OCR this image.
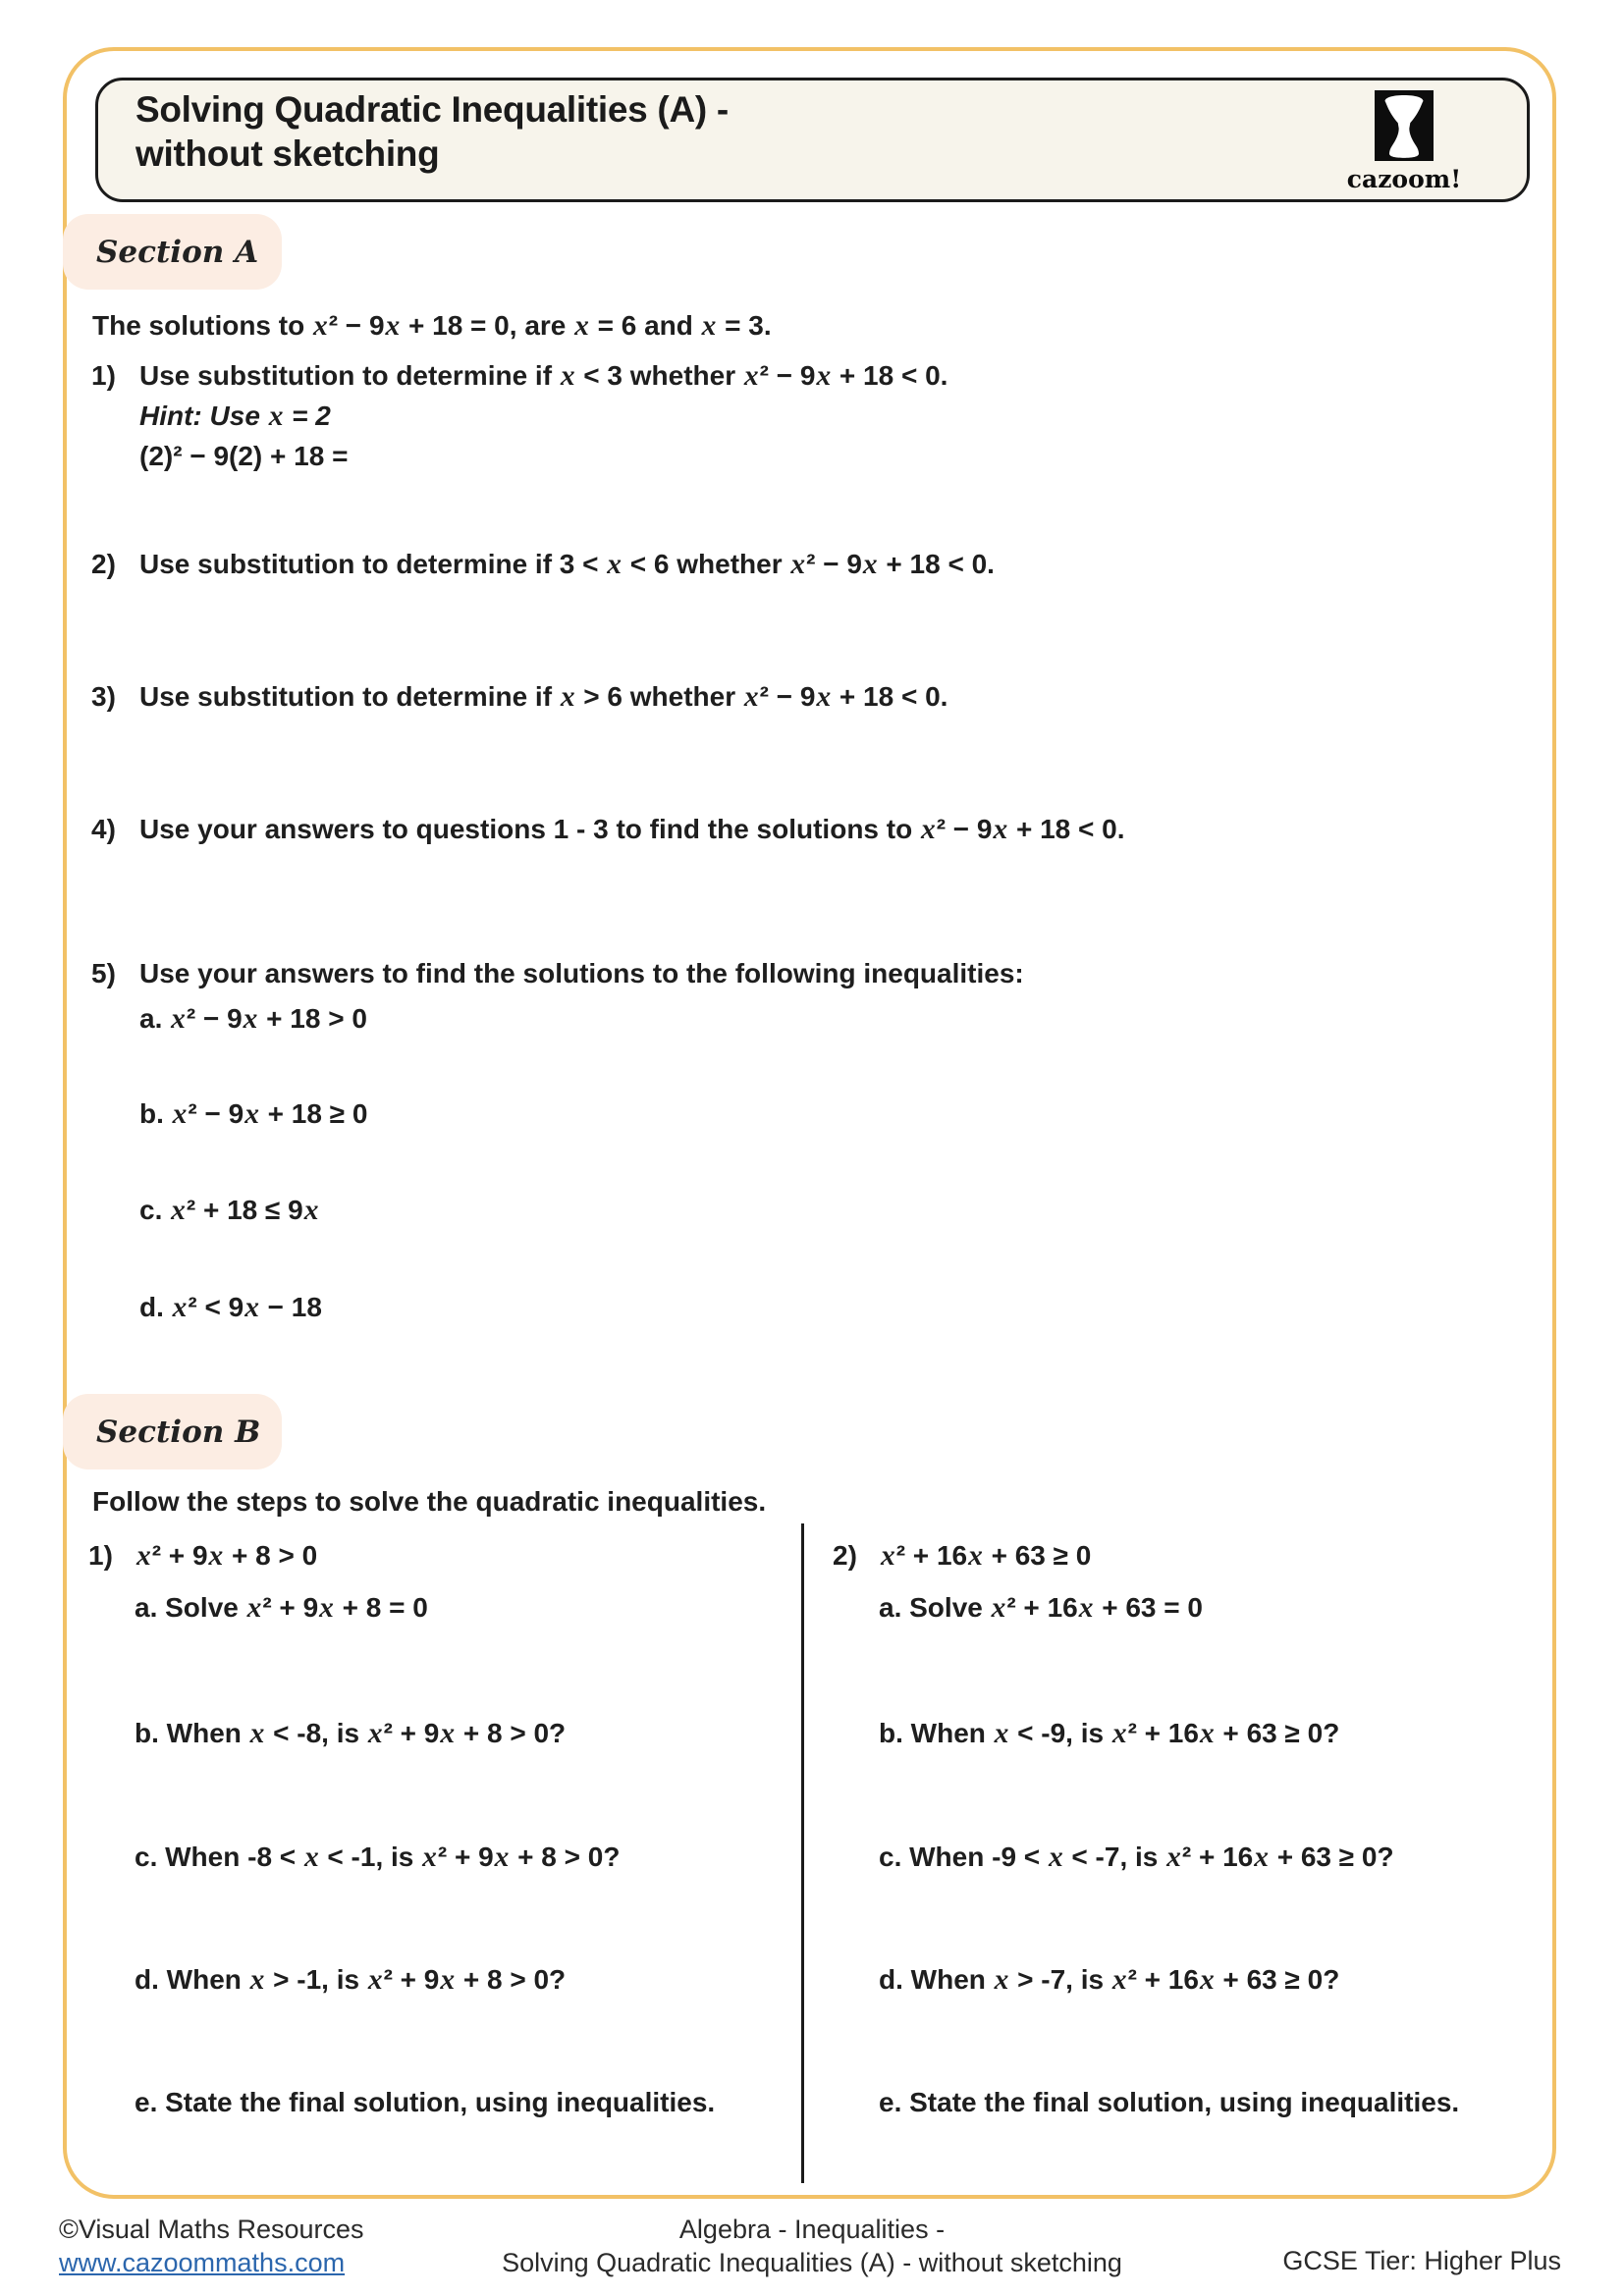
Solving Quadratic Inequalities (A) -
without sketching
cazoom!
Section A
The solutions to x² − 9x + 18 = 0, are x = 6 and x = 3.
1) Use substitution to determine if x < 3 whether x² − 9x + 18 < 0.
Hint: Use x = 2
(2)² − 9(2) + 18 =
2) Use substitution to determine if 3 < x < 6 whether x² − 9x + 18 < 0.
3) Use substitution to determine if x > 6 whether x² − 9x + 18 < 0.
4) Use your answers to questions 1 - 3 to find the solutions to x² − 9x + 18 < 0.
5) Use your answers to find the solutions to the following inequalities:
a. x² − 9x + 18 > 0
b. x² − 9x + 18 ≥ 0
c. x² + 18 ≤ 9x
d. x² < 9x − 18
Section B
Follow the steps to solve the quadratic inequalities.
1) x² + 9x + 8 > 0
a. Solve x² + 9x + 8 = 0
b. When x < -8, is x² + 9x + 8 > 0?
c. When -8 < x < -1, is x² + 9x + 8 > 0?
d. When x > -1, is x² + 9x + 8 > 0?
e. State the final solution, using inequalities.
2) x² + 16x + 63 ≥ 0
a. Solve x² + 16x + 63 = 0
b. When x < -9, is x² + 16x + 63 ≥ 0?
c. When -9 < x < -7, is x² + 16x + 63 ≥ 0?
d. When x > -7, is x² + 16x + 63 ≥ 0?
e. State the final solution, using inequalities.
©Visual Maths Resources
www.cazoommaths.com
Algebra - Inequalities -
Solving Quadratic Inequalities (A) - without sketching	GCSE Tier: Higher Plus
